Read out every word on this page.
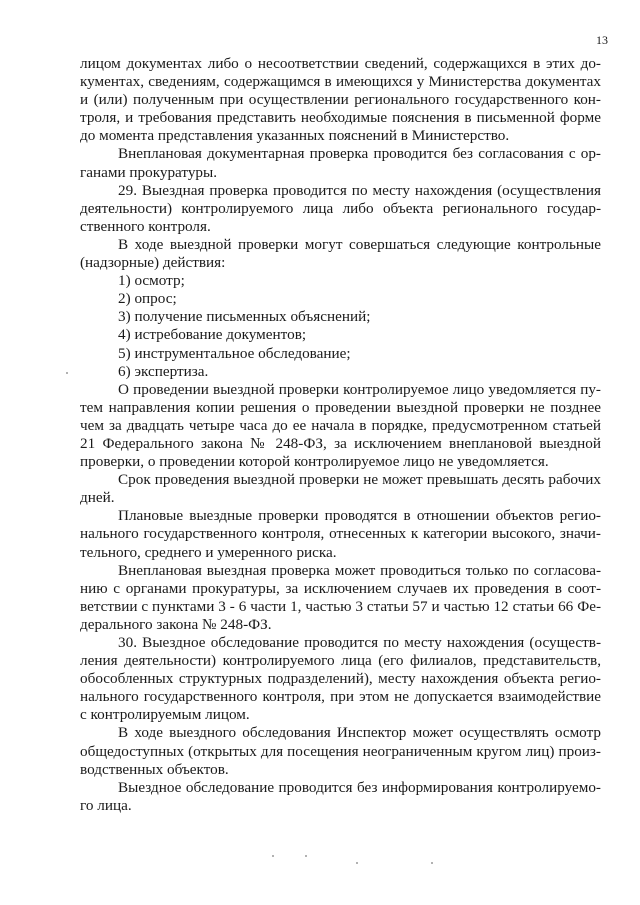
13
лицом документах либо о несоответствии сведений, содержащихся в этих до-
кументах, сведениям, содержащимся в имеющихся у Министерства документах
и (или) полученным при осуществлении регионального государственного кон-
троля, и требования представить необходимые пояснения в письменной форме
до момента представления указанных пояснений в Министерство.
Внеплановая документарная проверка проводится без согласования с ор-
ганами прокуратуры.
29. Выездная проверка проводится по месту нахождения (осуществления
деятельности) контролируемого лица либо объекта регионального государ-
ственного контроля.
В ходе выездной проверки могут совершаться следующие контрольные
(надзорные) действия:
1) осмотр;
2) опрос;
3) получение письменных объяснений;
4) истребование документов;
5) инструментальное обследование;
6) экспертиза.
О проведении выездной проверки контролируемое лицо уведомляется пу-
тем направления копии решения о проведении выездной проверки не позднее
чем за двадцать четыре часа до ее начала в порядке, предусмотренном статьей
21 Федерального закона № 248-ФЗ, за исключением внеплановой выездной
проверки, о проведении которой контролируемое лицо не уведомляется.
Срок проведения выездной проверки не может превышать десять рабочих
дней.
Плановые выездные проверки проводятся в отношении объектов регио-
нального государственного контроля, отнесенных к категории высокого, значи-
тельного, среднего и умеренного риска.
Внеплановая выездная проверка может проводиться только по согласова-
нию с органами прокуратуры, за исключением случаев их проведения в соот-
ветствии с пунктами 3 - 6 части 1, частью 3 статьи 57 и частью 12 статьи 66 Фе-
дерального закона № 248-ФЗ.
30. Выездное обследование проводится по месту нахождения (осуществ-
ления деятельности) контролируемого лица (его филиалов, представительств,
обособленных структурных подразделений), месту нахождения объекта регио-
нального государственного контроля, при этом не допускается взаимодействие
с контролируемым лицом.
В ходе выездного обследования Инспектор может осуществлять осмотр
общедоступных (открытых для посещения неограниченным кругом лиц) произ-
водственных объектов.
Выездное обследование проводится без информирования контролируемо-
го лица.
